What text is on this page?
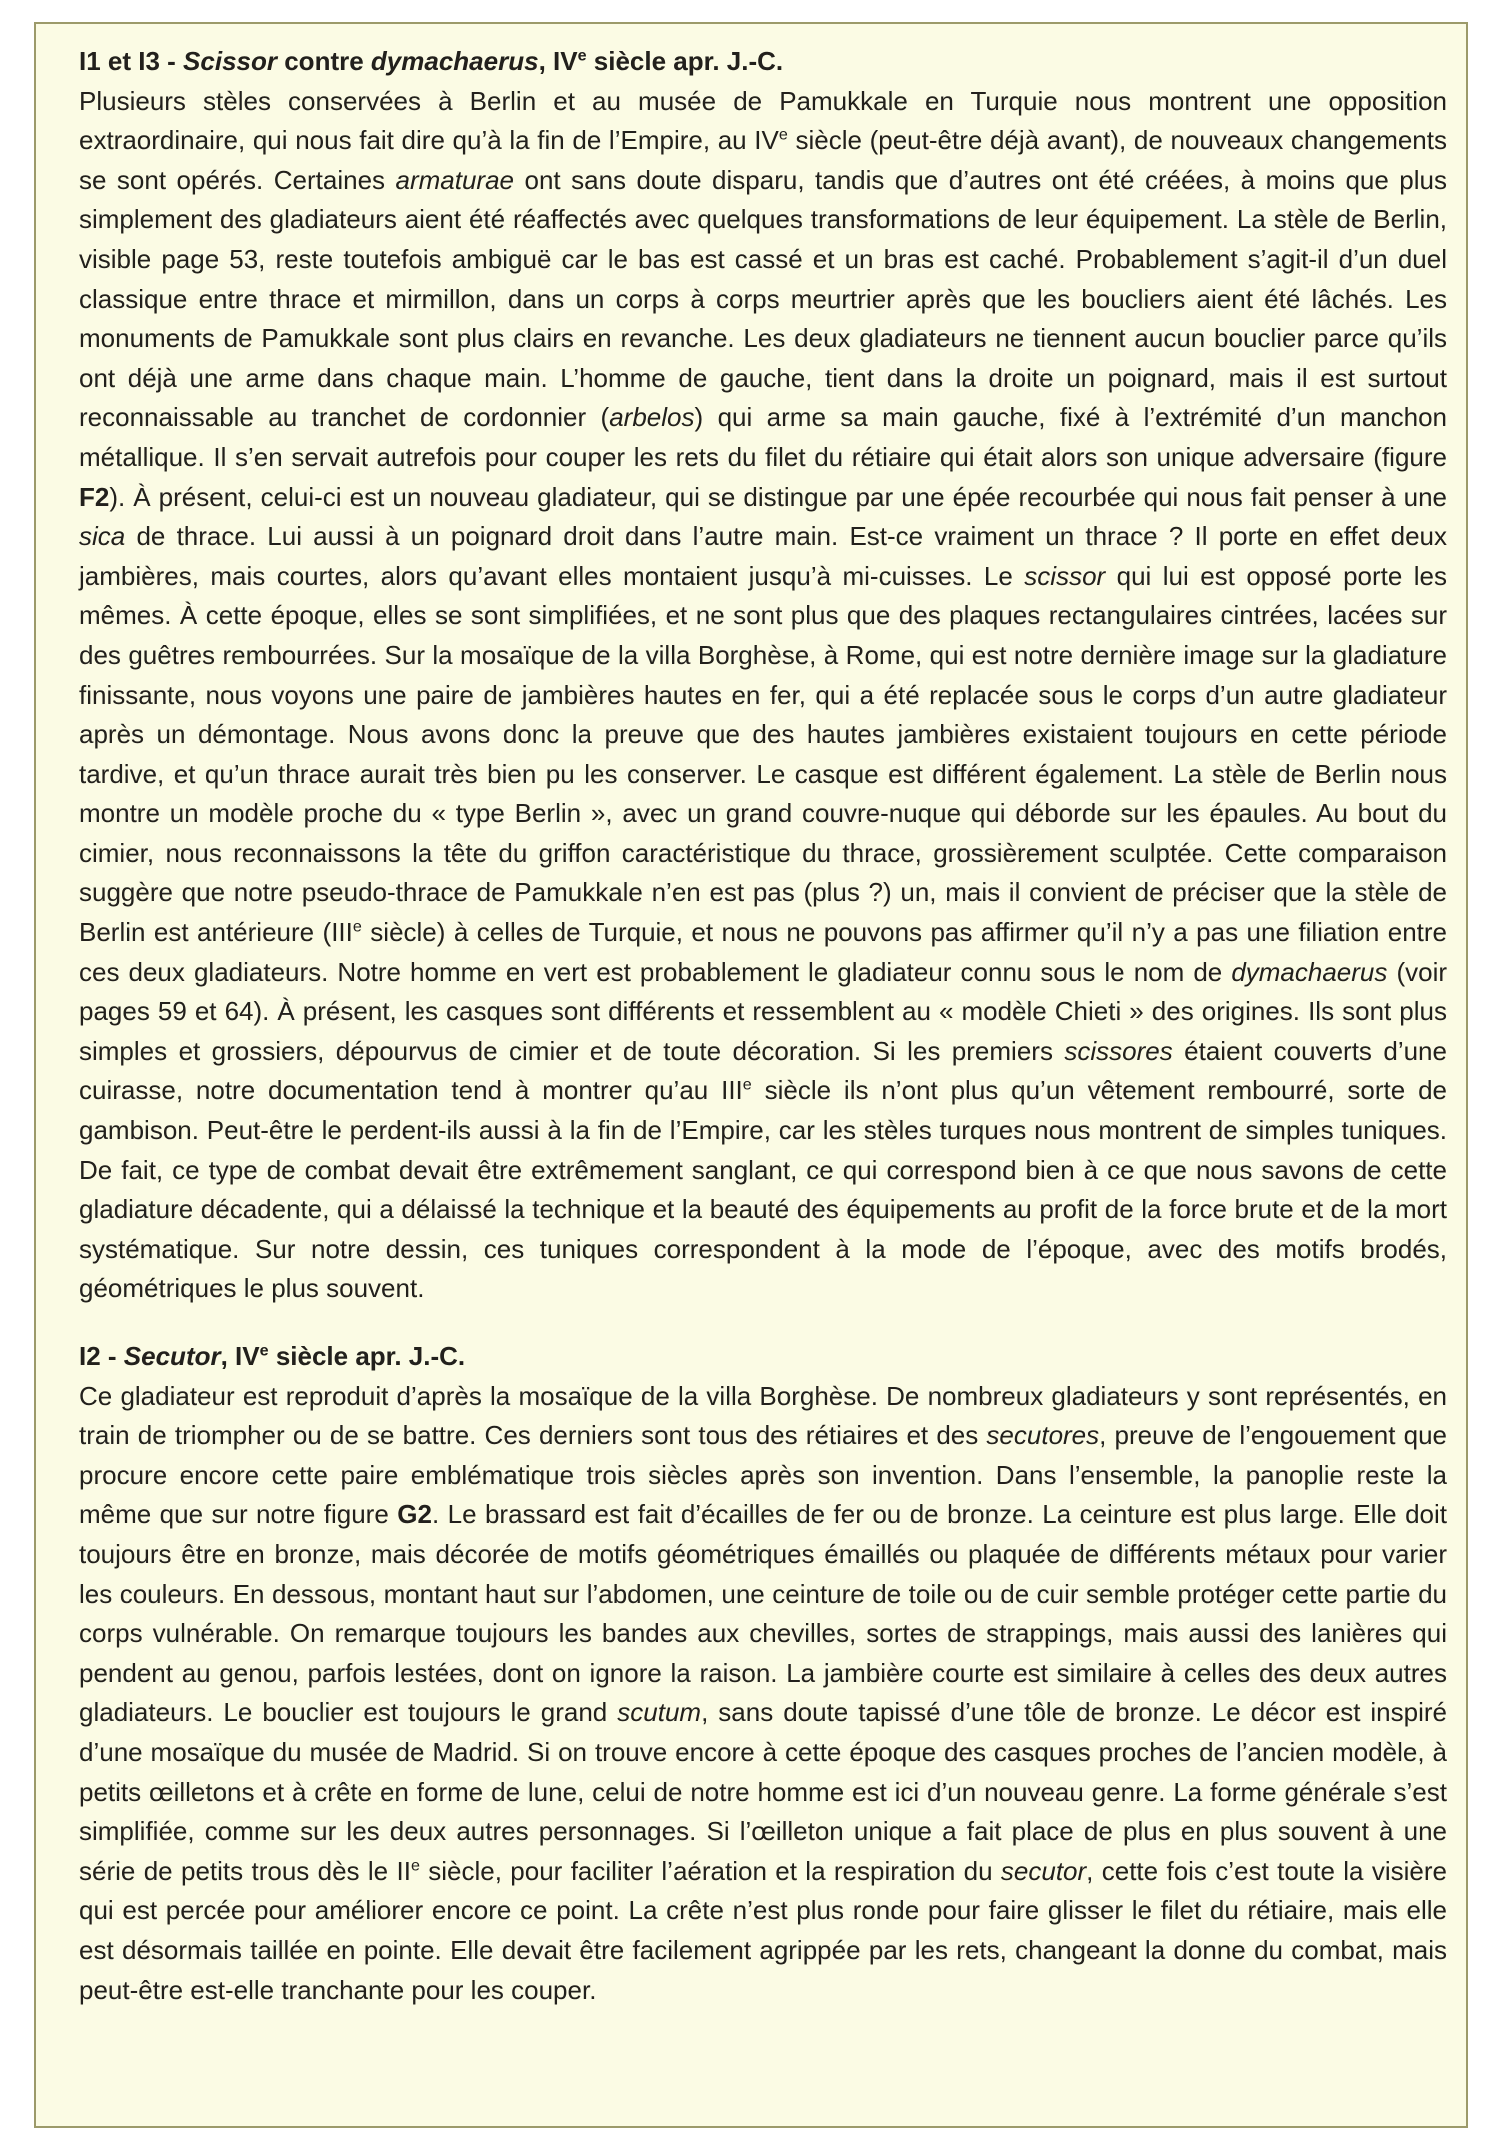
I1 et I3 - Scissor contre dymachaerus, IVe siècle apr. J.-C.

Plusieurs stèles conservées à Berlin et au musée de Pamukkale en Turquie nous montrent une opposition extraordinaire, qui nous fait dire qu’à la fin de l’Empire, au IVe siècle (peut-être déjà avant), de nouveaux changements se sont opérés. Certaines armaturae ont sans doute disparu, tandis que d’autres ont été créées, à moins que plus simplement des gladiateurs aient été réaffectés avec quelques transformations de leur équipement. La stèle de Berlin, visible page 53, reste toutefois ambiguë car le bas est cassé et un bras est caché. Probablement s’agit-il d’un duel classique entre thrace et mirmillon, dans un corps à corps meurtrier après que les boucliers aient été lâchés. Les monuments de Pamukkale sont plus clairs en revanche. Les deux gladiateurs ne tiennent aucun bouclier parce qu’ils ont déjà une arme dans chaque main. L’homme de gauche, tient dans la droite un poignard, mais il est surtout reconnaissable au tranchet de cordonnier (arbelos) qui arme sa main gauche, fixé à l’extrémité d’un manchon métallique. Il s’en servait autrefois pour couper les rets du filet du rétiaire qui était alors son unique adversaire (figure F2). À présent, celui-ci est un nouveau gladiateur, qui se distingue par une épée recourbée qui nous fait penser à une sica de thrace. Lui aussi à un poignard droit dans l’autre main. Est-ce vraiment un thrace ? Il porte en effet deux jambières, mais courtes, alors qu’avant elles montaient jusqu’à mi-cuisses. Le scissor qui lui est opposé porte les mêmes. À cette époque, elles se sont simplifiées, et ne sont plus que des plaques rectangulaires cintrées, lacées sur des guêtres rembourrées. Sur la mosaïque de la villa Borghèse, à Rome, qui est notre dernière image sur la gladiature finissante, nous voyons une paire de jambières hautes en fer, qui a été replacée sous le corps d’un autre gladiateur après un démontage. Nous avons donc la preuve que des hautes jambières existaient toujours en cette période tardive, et qu’un thrace aurait très bien pu les conserver. Le casque est différent également. La stèle de Berlin nous montre un modèle proche du « type Berlin », avec un grand couvre-nuque qui déborde sur les épaules. Au bout du cimier, nous reconnaissons la tête du griffon caractéristique du thrace, grossièrement sculptée. Cette comparaison suggère que notre pseudo-thrace de Pamukkale n’en est pas (plus ?) un, mais il convient de préciser que la stèle de Berlin est antérieure (IIIe siècle) à celles de Turquie, et nous ne pouvons pas affirmer qu’il n’y a pas une filiation entre ces deux gladiateurs. Notre homme en vert est probablement le gladiateur connu sous le nom de dymachaerus (voir pages 59 et 64). À présent, les casques sont différents et ressemblent au « modèle Chieti » des origines. Ils sont plus simples et grossiers, dépourvus de cimier et de toute décoration. Si les premiers scissores étaient couverts d’une cuirasse, notre documentation tend à montrer qu’au IIIe siècle ils n’ont plus qu’un vêtement rembourré, sorte de gambison. Peut-être le perdent-ils aussi à la fin de l’Empire, car les stèles turques nous montrent de simples tuniques. De fait, ce type de combat devait être extrêmement sanglant, ce qui correspond bien à ce que nous savons de cette gladiature décadente, qui a délaissé la technique et la beauté des équipements au profit de la force brute et de la mort systématique. Sur notre dessin, ces tuniques correspondent à la mode de l’époque, avec des motifs brodés, géométriques le plus souvent.

I2 - Secutor, IVe siècle apr. J.-C.

Ce gladiateur est reproduit d’après la mosaïque de la villa Borghèse. De nombreux gladiateurs y sont représentés, en train de triompher ou de se battre. Ces derniers sont tous des rétiaires et des secutores, preuve de l’engouement que procure encore cette paire emblématique trois siècles après son invention. Dans l’ensemble, la panoplie reste la même que sur notre figure G2. Le brassard est fait d’écailles de fer ou de bronze. La ceinture est plus large. Elle doit toujours être en bronze, mais décorée de motifs géométriques émaillés ou plaquée de différents métaux pour varier les couleurs. En dessous, montant haut sur l’abdomen, une ceinture de toile ou de cuir semble protéger cette partie du corps vulnérable. On remarque toujours les bandes aux chevilles, sortes de strappings, mais aussi des lanières qui pendent au genou, parfois lestées, dont on ignore la raison. La jambière courte est similaire à celles des deux autres gladiateurs. Le bouclier est toujours le grand scutum, sans doute tapissé d’une tôle de bronze. Le décor est inspiré d’une mosaïque du musée de Madrid. Si on trouve encore à cette époque des casques proches de l’ancien modèle, à petits œilletons et à crête en forme de lune, celui de notre homme est ici d’un nouveau genre. La forme générale s’est simplifiée, comme sur les deux autres personnages. Si l’œilleton unique a fait place de plus en plus souvent à une série de petits trous dès le IIe siècle, pour faciliter l’aération et la respiration du secutor, cette fois c’est toute la visière qui est percée pour améliorer encore ce point. La crête n’est plus ronde pour faire glisser le filet du rétiaire, mais elle est désormais taillée en pointe. Elle devait être facilement agrippée par les rets, changeant la donne du combat, mais peut-être est-elle tranchante pour les couper.
